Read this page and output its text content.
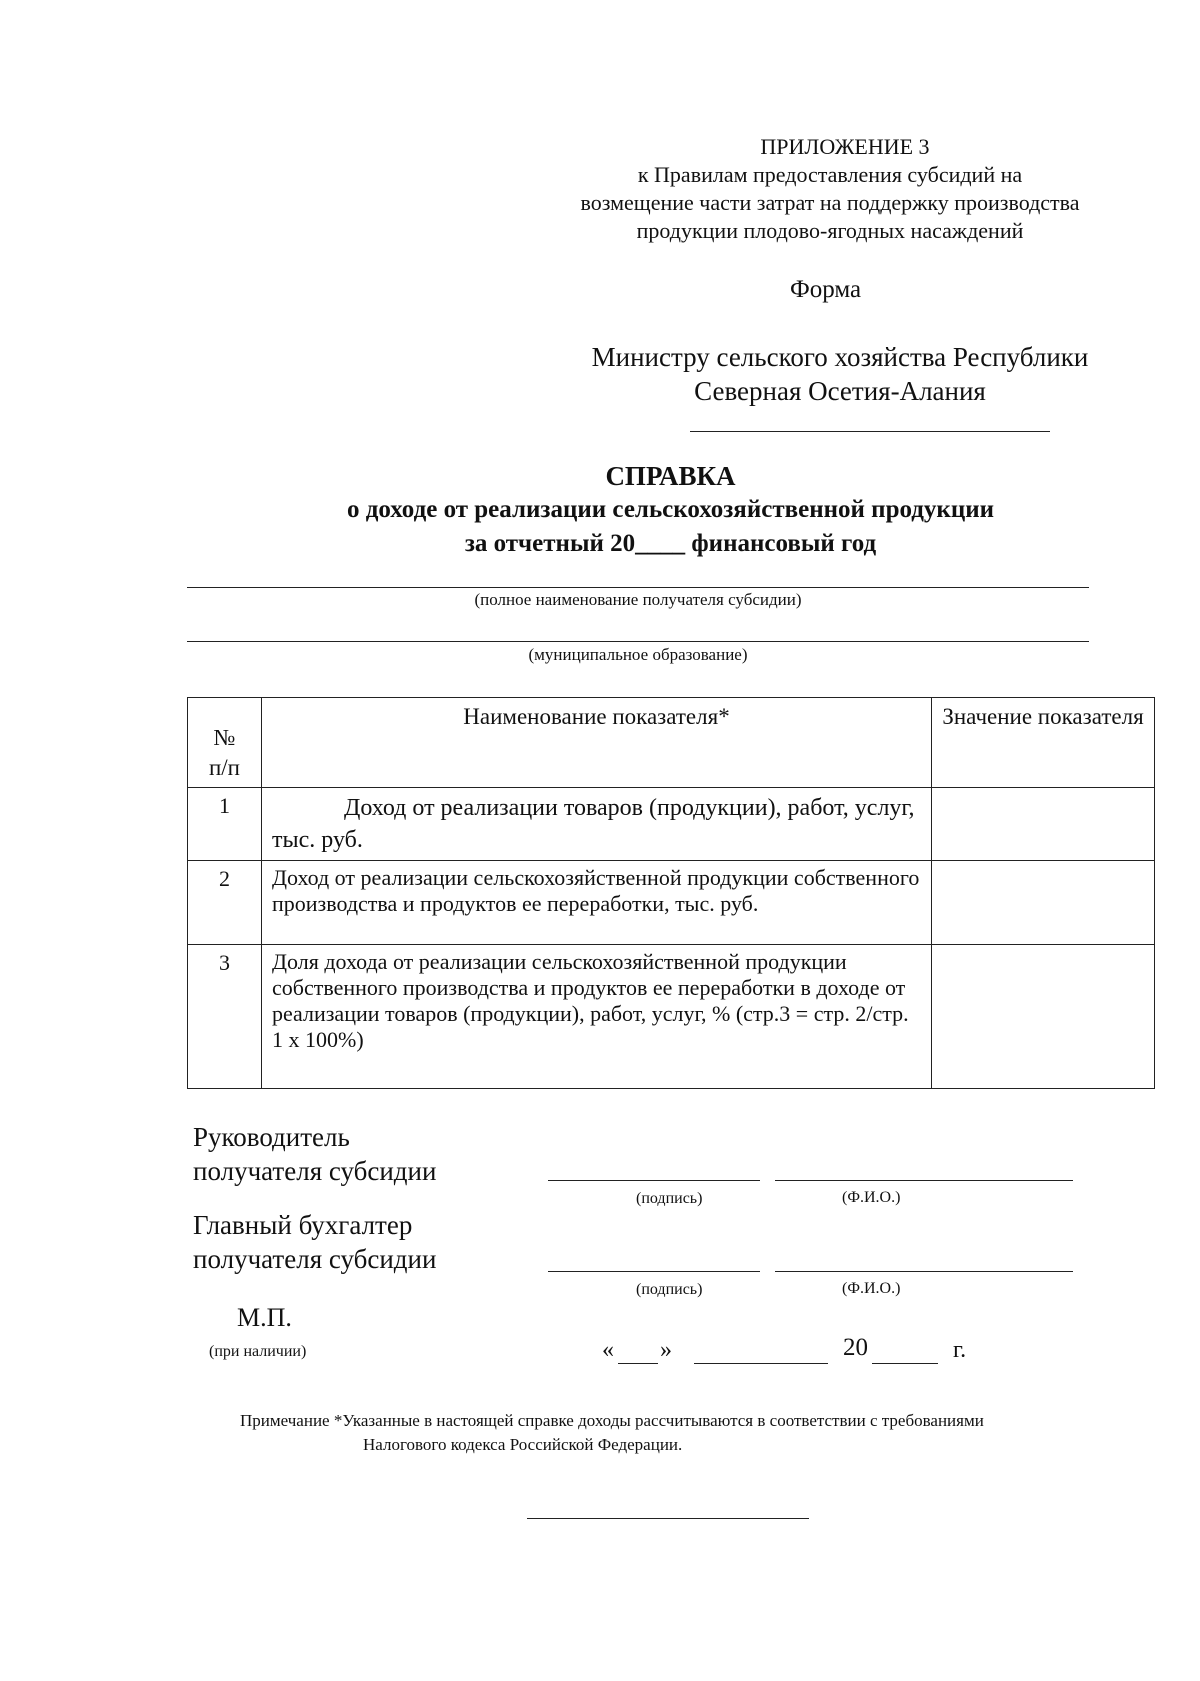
ПРИЛОЖЕНИЕ 3
к Правилам предоставления субсидий на
возмещение части затрат на поддержку производства
продукции плодово-ягодных насаждений
Форма
Министру сельского хозяйства Республики
Северная Осетия-Алания
СПРАВКА
о доходе от реализации сельскохозяйственной продукции
за отчетный 20____ финансовый год
(полное наименование получателя субсидии)
(муниципальное образование)
№ п/п	Наименование показателя*	Значение показателя
1	Доход от реализации товаров (продукции), работ, услуг, тыс. руб.	
2	Доход от реализации сельскохозяйственной продукции собственного производства и продуктов ее переработки, тыс. руб.	
3	Доля дохода от реализации сельскохозяйственной продукции собственного производства и продуктов ее переработки в доходе от реализации товаров (продукции), работ, услуг, % (стр.3 = стр. 2/стр. 1 х 100%)	
Руководитель
получателя субсидии
(подпись)	(Ф.И.О.)
Главный бухгалтер
получателя субсидии
(подпись)	(Ф.И.О.)
М.П.
(при наличии)	« »	20	г.
Примечание *Указанные в настоящей справке доходы рассчитываются в соответствии с требованиями
Налогового кодекса Российской Федерации.
